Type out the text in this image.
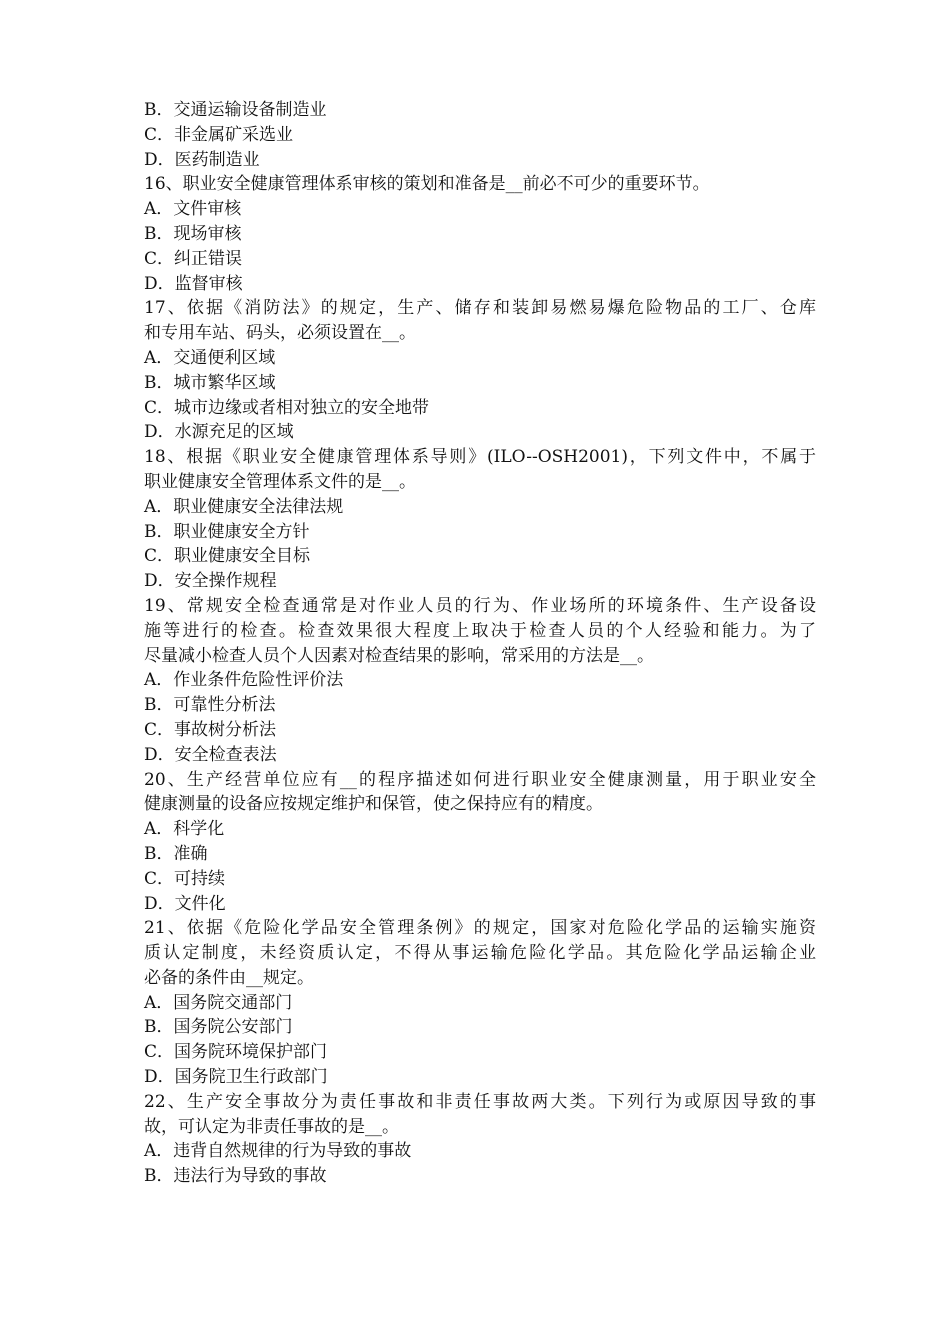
B．交通运输设备制造业
C．非金属矿采选业
D．医药制造业
16、职业安全健康管理体系审核的策划和准备是__前必不可少的重要环节。
A．文件审核
B．现场审核
C．纠正错误
D．监督审核
17、依据《消防法》的规定，生产、储存和装卸易燃易爆危险物品的工厂、仓库
和专用车站、码头，必须设置在__。
A．交通便利区域
B．城市繁华区域
C．城市边缘或者相对独立的安全地带
D．水源充足的区域
18、根据《职业安全健康管理体系导则》(ILO--OSH2001)，下列文件中，不属于
职业健康安全管理体系文件的是__。
A．职业健康安全法律法规
B．职业健康安全方针
C．职业健康安全目标
D．安全操作规程
19、常规安全检查通常是对作业人员的行为、作业场所的环境条件、生产设备设
施等进行的检查。检查效果很大程度上取决于检查人员的个人经验和能力。为了
尽量减小检查人员个人因素对检查结果的影响，常采用的方法是__。
A．作业条件危险性评价法
B．可靠性分析法
C．事故树分析法
D．安全检查表法
20、生产经营单位应有__的程序描述如何进行职业安全健康测量，用于职业安全
健康测量的设备应按规定维护和保管，使之保持应有的精度。
A．科学化
B．准确
C．可持续
D．文件化
21、依据《危险化学品安全管理条例》的规定，国家对危险化学品的运输实施资
质认定制度，未经资质认定，不得从事运输危险化学品。其危险化学品运输企业
必备的条件由__规定。
A．国务院交通部门
B．国务院公安部门
C．国务院环境保护部门
D．国务院卫生行政部门
22、生产安全事故分为责任事故和非责任事故两大类。下列行为或原因导致的事
故，可认定为非责任事故的是__。
A．违背自然规律的行为导致的事故
B．违法行为导致的事故
